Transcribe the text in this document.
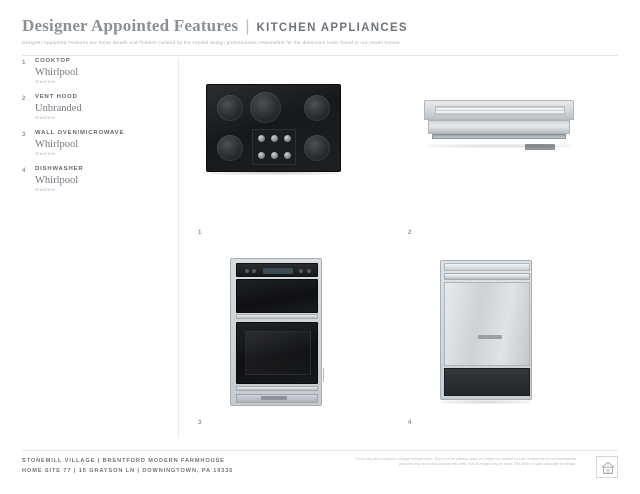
Designer Appointed Features | KITCHEN APPLIANCES
Designer Appointed Features are home details and finishes curated by the Crystal design professionals responsible for the distinctive looks found in our model homes.
1	COOKTOP
Whirlpool
Stainless
2	VENT HOOD
Unbranded
Stainless
3	WALL OVEN/MICROWAVE
Whirlpool
Stainless
4	DISHWASHER
Whirlpool
Stainless
1	2
3	4
STONEMILL VILLAGE | BRENTFORD MODERN FARMHOUSE
HOME SITE 77 | 15 GRAYSON LN | DOWNINGTOWN, PA 19335
Prices and offers subject to change without notice. This is not an offering based on uniform or contract for sale. Images are for representational purposes only and actual product may differ. Not all images may be exact. See seller or sales associate for details.
